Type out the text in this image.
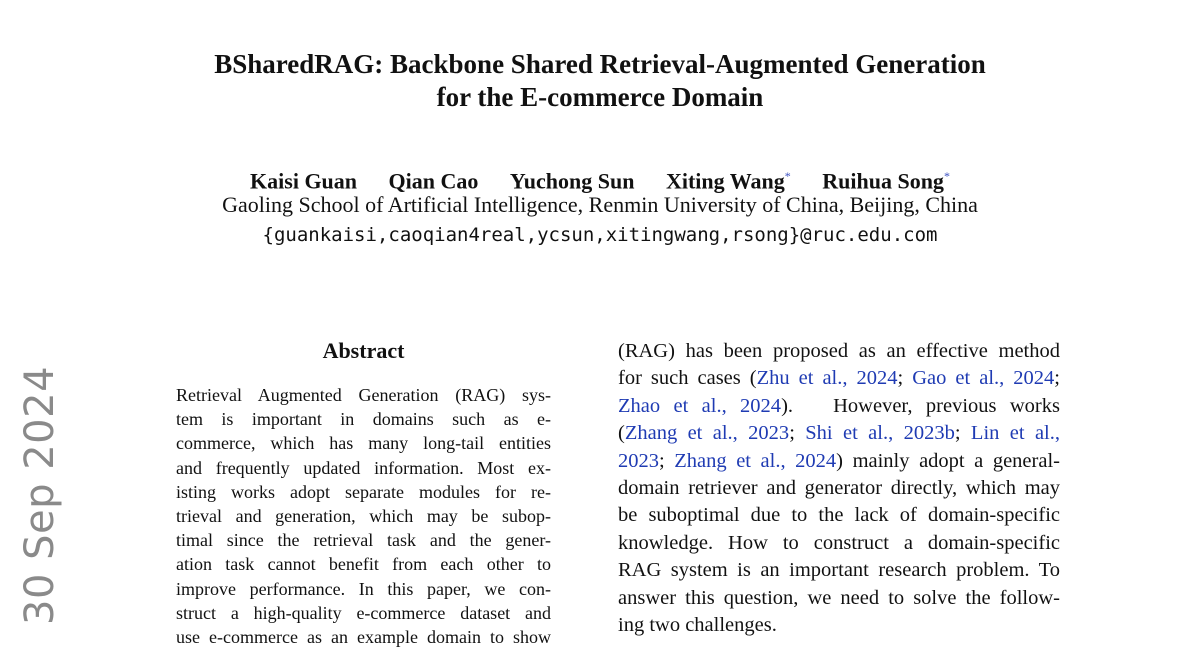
30 Sep 2024
BSharedRAG: Backbone Shared Retrieval-Augmented Generation
for the E-commerce Domain
Kaisi Guan Qian Cao Yuchong Sun Xiting Wang* Ruihua Song*
Gaoling School of Artificial Intelligence, Renmin University of China, Beijing, China
{guankaisi,caoqian4real,ycsun,xitingwang,rsong}@ruc.edu.com
Abstract

Retrieval Augmented Generation (RAG) sys-
tem is important in domains such as e-
commerce, which has many long-tail entities
and frequently updated information. Most ex-
isting works adopt separate modules for re-
trieval and generation, which may be subop-
timal since the retrieval task and the gener-
ation task cannot benefit from each other to
improve performance. In this paper, we con-
struct a high-quality e-commerce dataset and
use e-commerce as an example domain to show

(RAG) has been proposed as an effective method
for such cases (Zhu et al., 2024; Gao et al., 2024;
Zhao et al., 2024).   However, previous works
(Zhang et al., 2023; Shi et al., 2023b; Lin et al.,
2023; Zhang et al., 2024) mainly adopt a general-
domain retriever and generator directly, which may
be suboptimal due to the lack of domain-specific
knowledge. How to construct a domain-specific
RAG system is an important research problem. To
answer this question, we need to solve the follow-
ing two challenges.
